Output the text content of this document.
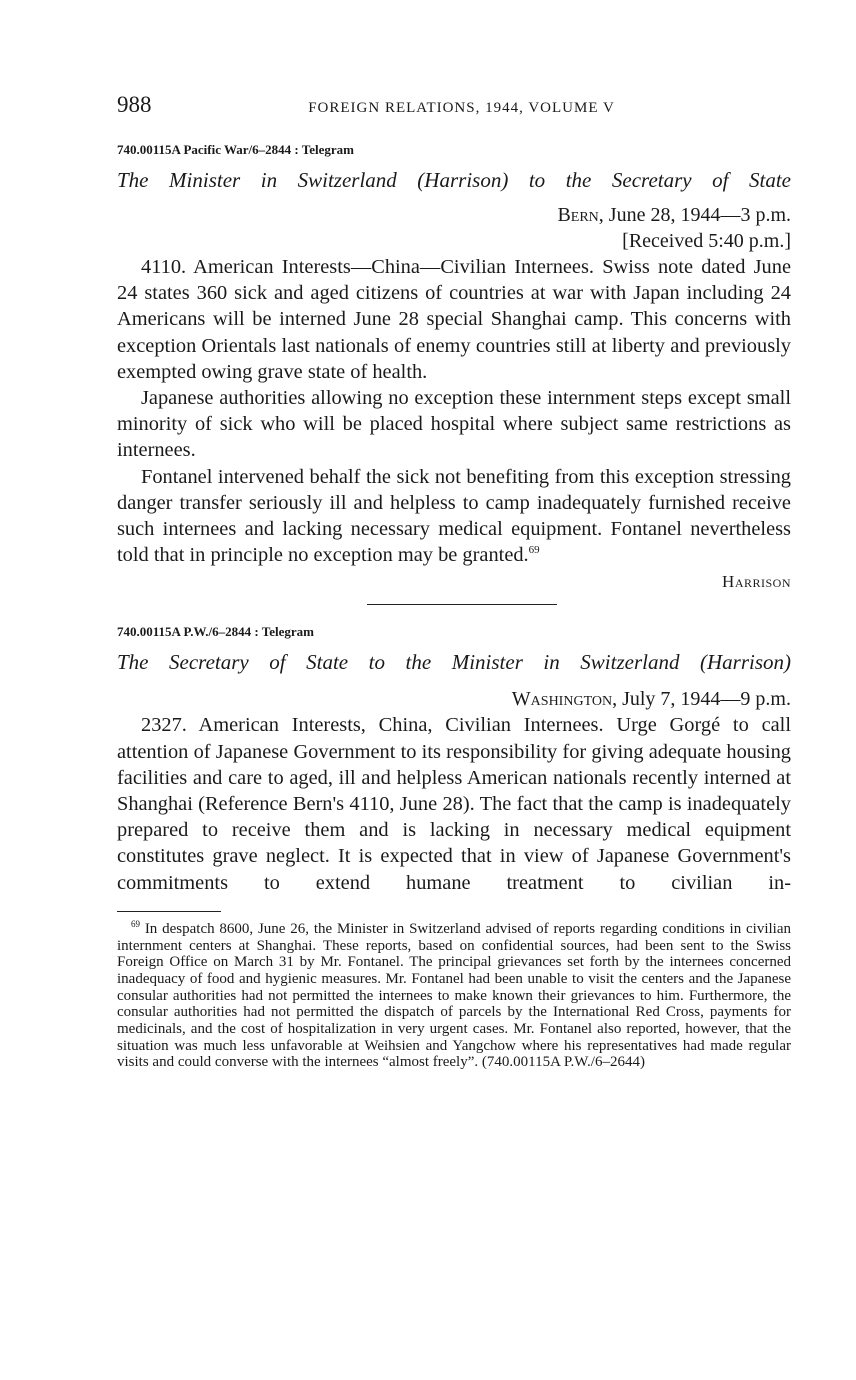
988	FOREIGN RELATIONS, 1944, VOLUME V
740.00115A Pacific War/6–2844 : Telegram
The Minister in Switzerland (Harrison) to the Secretary of State
Bern, June 28, 1944—3 p.m.
[Received 5:40 p.m.]

4110. American Interests—China—Civilian Internees. Swiss note dated June 24 states 360 sick and aged citizens of countries at war with Japan including 24 Americans will be interned June 28 special Shanghai camp. This concerns with exception Orientals last nationals of enemy countries still at liberty and previously exempted owing grave state of health.

Japanese authorities allowing no exception these internment steps except small minority of sick who will be placed hospital where subject same restrictions as internees.

Fontanel intervened behalf the sick not benefiting from this exception stressing danger transfer seriously ill and helpless to camp inadequately furnished receive such internees and lacking necessary medical equipment. Fontanel nevertheless told that in principle no exception may be granted.$^{69}$

Harrison
740.00115A P.W./6–2844 : Telegram
The Secretary of State to the Minister in Switzerland (Harrison)
Washington, July 7, 1944—9 p.m.

2327. American Interests, China, Civilian Internees. Urge Gorgé to call attention of Japanese Government to its responsibility for giving adequate housing facilities and care to aged, ill and helpless American nationals recently interned at Shanghai (Reference Bern's 4110, June 28). The fact that the camp is inadequately prepared to receive them and is lacking in necessary medical equipment constitutes grave neglect. It is expected that in view of Japanese Government's commitments to extend humane treatment to civilian in-

$^{69}$ In despatch 8600, June 26, the Minister in Switzerland advised of reports regarding conditions in civilian internment centers at Shanghai. These reports, based on confidential sources, had been sent to the Swiss Foreign Office on March 31 by Mr. Fontanel. The principal grievances set forth by the internees concerned inadequacy of food and hygienic measures. Mr. Fontanel had been unable to visit the centers and the Japanese consular authorities had not permitted the internees to make known their grievances to him. Furthermore, the consular authorities had not permitted the dispatch of parcels by the International Red Cross, payments for medicinals, and the cost of hospitalization in very urgent cases. Mr. Fontanel also reported, however, that the situation was much less unfavorable at Weihsien and Yangchow where his representatives had made regular visits and could converse with the internees “almost freely”. (740.00115A P.W./6–2644)
